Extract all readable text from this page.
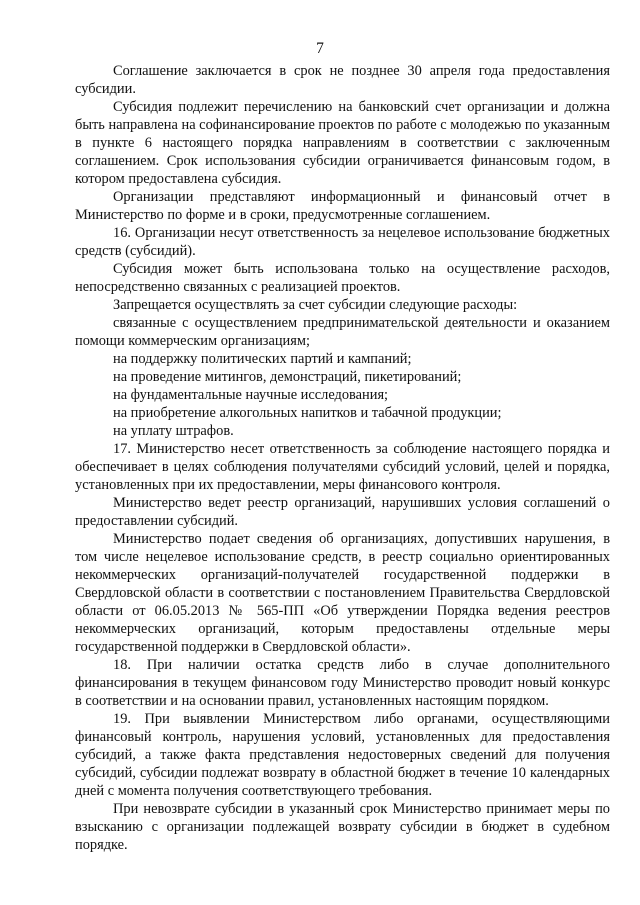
7

Соглашение заключается в срок не позднее 30 апреля года предоставления субсидии.

Субсидия подлежит перечислению на банковский счет организации и должна быть направлена на софинансирование проектов по работе с молодежью по указанным в пункте 6 настоящего порядка направлениям в соответствии с заключенным соглашением. Срок использования субсидии ограничивается финансовым годом, в котором предоставлена субсидия.

Организации представляют информационный и финансовый отчет в Министерство по форме и в сроки, предусмотренные соглашением.

16. Организации несут ответственность за нецелевое использование бюджетных средств (субсидий).

Субсидия может быть использована только на осуществление расходов, непосредственно связанных с реализацией проектов.

Запрещается осуществлять за счет субсидии следующие расходы:

связанные с осуществлением предпринимательской деятельности и оказанием помощи коммерческим организациям;

на поддержку политических партий и кампаний;

на проведение митингов, демонстраций, пикетирований;

на фундаментальные научные исследования;

на приобретение алкогольных напитков и табачной продукции;

на уплату штрафов.

17. Министерство несет ответственность за соблюдение настоящего порядка и обеспечивает в целях соблюдения получателями субсидий условий, целей и порядка, установленных при их предоставлении, меры финансового контроля.

Министерство ведет реестр организаций, нарушивших условия соглашений о предоставлении субсидий.

Министерство подает сведения об организациях, допустивших нарушения, в том числе нецелевое использование средств, в реестр социально ориентированных некоммерческих организаций-получателей государственной поддержки в Свердловской области в соответствии с постановлением Правительства Свердловской области от 06.05.2013 № 565-ПП «Об утверждении Порядка ведения реестров некоммерческих организаций, которым предоставлены отдельные меры государственной поддержки в Свердловской области».

18. При наличии остатка средств либо в случае дополнительного финансирования в текущем финансовом году Министерство проводит новый конкурс в соответствии и на основании правил, установленных настоящим порядком.

19. При выявлении Министерством либо органами, осуществляющими финансовый контроль, нарушения условий, установленных для предоставления субсидий, а также факта представления недостоверных сведений для получения субсидий, субсидии подлежат возврату в областной бюджет в течение 10 календарных дней с момента получения соответствующего требования.

При невозврате субсидии в указанный срок Министерство принимает меры по взысканию с организации подлежащей возврату субсидии в бюджет в судебном порядке.
